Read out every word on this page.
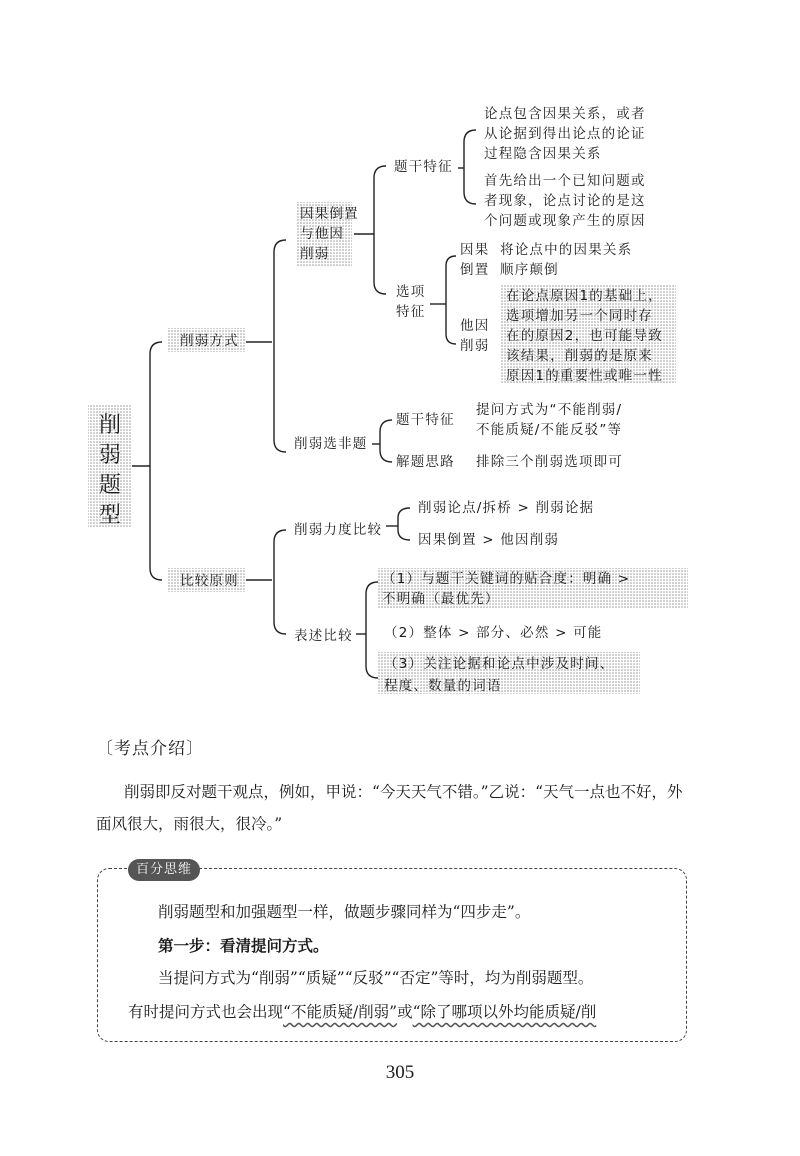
削
弱
题
型
削弱方式
比较原则
因果倒置
与他因
削弱
题干特征
论点包含因果关系，或者
从论据到得出论点的论证
过程隐含因果关系
首先给出一个已知问题或
者现象，论点讨论的是这
个问题或现象产生的原因
选项
特征
因果
倒置
将论点中的因果关系
顺序颠倒
他因
削弱
在论点原因1的基础上，
选项增加另一个同时存
在的原因2，也可能导致
该结果，削弱的是原来
原因1的重要性或唯一性
削弱选非题
题干特征
提问方式为“不能削弱/
不能质疑/不能反驳”等
解题思路 排除三个削弱选项即可
削弱力度比较
削弱论点/拆桥 > 削弱论据
因果倒置 > 他因削弱
表述比较
（1）与题干关键词的贴合度：明确 >
不明确（最优先）
（2）整体 > 部分、必然 > 可能
（3）关注论据和论点中涉及时间、
程度、数量的词语
〔考点介绍〕
削弱即反对题干观点，例如，甲说：“今天天气不错。”乙说：“天气一点也不好，外面风很大，雨很大，很冷。”
百分思维
削弱题型和加强题型一样，做题步骤同样为“四步走”。
第一步：看清提问方式。
当提问方式为“削弱”“质疑”“反驳”“否定”等时，均为削弱题型。
有时提问方式也会出现“不能质疑/削弱”或“除了哪项以外均能质疑/削
305
